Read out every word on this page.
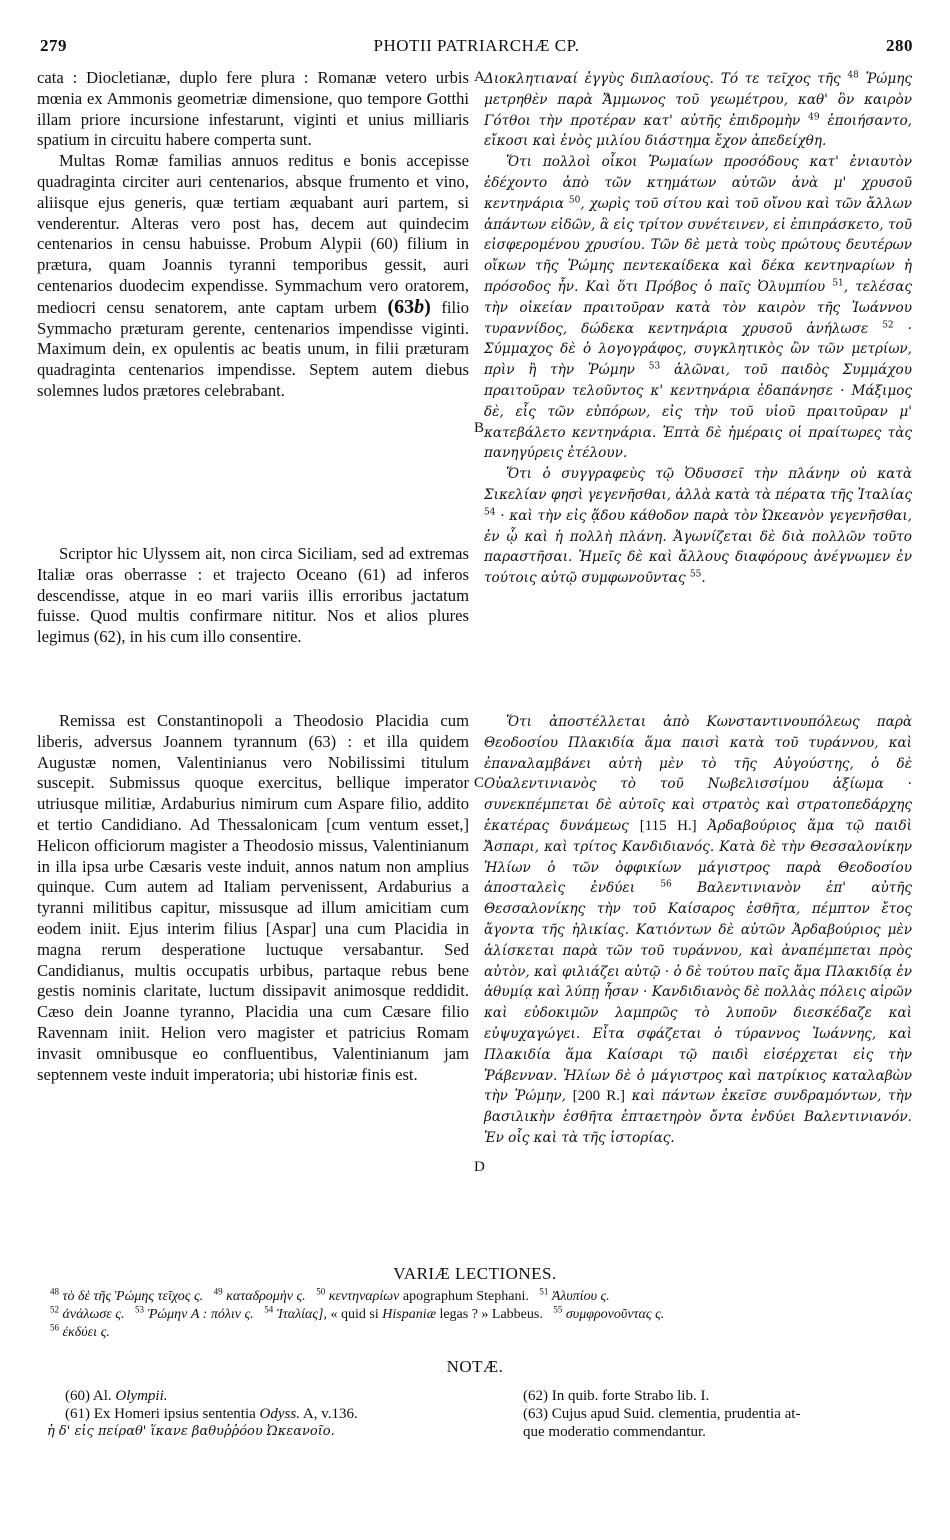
279	PHOTII PATRIARCHÆ CP.	280
A
B
C
D

cata : Diocletianæ, duplo fere plura : Romanæ vetero urbis mœnia ex Ammonis geometriæ dimensione, quo tempore Gotthi illam priore incursione infestarunt, viginti et unius milliaris spatium in circuitu habere comperta sunt.

Multas Romæ familias annuos reditus e bonis accepisse quadraginta circiter auri centenarios, absque frumento et vino, aliisque ejus generis, quæ tertiam æquabant auri partem, si venderentur. Alteras vero post has, decem aut quindecim centenarios in censu habuisse. Probum Alypii (60) filium in prætura, quam Joannis tyranni temporibus gessit, auri centenarios duodecim expendisse. Symmachum vero oratorem, mediocri censu senatorem, ante captam urbem (63b) filio Symmacho præturam gerente, centenarios impendisse viginti. Maximum dein, ex opulentis ac beatis unum, in filii præturam quadraginta centenarios impendisse. Septem autem diebus solemnes ludos prætores celebrabant.

Scriptor hic Ulyssem ait, non circa Siciliam, sed ad extremas Italiæ oras oberrasse : et trajecto Oceano (61) ad inferos descendisse, atque in eo mari variis illis erroribus jactatum fuisse. Quod multis confirmare nititur. Nos et alios plures legimus (62), in his cum illo consentire.

Remissa est Constantinopoli a Theodosio Placidia cum liberis, adversus Joannem tyrannum (63) : et illa quidem Augustæ nomen, Valentinianus vero Nobilissimi titulum suscepit. Submissus quoque exercitus, bellique imperator utriusque militiæ, Ardaburius nimirum cum Aspare filio, addito et tertio Candidiano. Ad Thessalonicam [cum ventum esset,] Helicon officiorum magister a Theodosio missus, Valentinianum in illa ipsa urbe Cæsaris veste induit, annos natum non amplius quinque. Cum autem ad Italiam pervenissent, Ardaburius a tyranni militibus capitur, missusque ad illum amicitiam cum eodem iniit. Ejus interim filius [Aspar] una cum Placidia in magna rerum desperatione luctuque versabantur. Sed Candidianus, multis occupatis urbibus, partaque rebus bene gestis nominis claritate, luctum dissipavit animosque reddidit. Cæso dein Joanne tyranno, Placidia una cum Cæsare filio Ravennam iniit. Helion vero magister et patricius Romam invasit omnibusque eo confluentibus, Valentinianum jam septennem veste induit imperatoria; ubi historiæ finis est.

Διοκλητιαναί ἐγγὺς διπλασίους. Τό τε τεῖχος τῆς $^{48}$ Ῥώμης μετρηθὲν παρὰ Ἄμμωνος τοῦ γεωμέτρου, καθ' ὃν καιρὸν Γότθοι τὴν προτέραν κατ' αὐτῆς ἐπιδρομὴν $^{49}$ ἐποιήσαντο, εἴκοσι καὶ ἑνὸς μιλίου διάστημα ἔχον ἀπεδείχθη.

Ὅτι πολλοὶ οἶκοι Ῥωμαίων προσόδους κατ' ἐνιαυτὸν ἐδέχοντο ἀπὸ τῶν κτημάτων αὐτῶν ἀνὰ μ' χρυσοῦ κεντηνάρια $^{50}$, χωρὶς τοῦ σίτου καὶ τοῦ οἴνου καὶ τῶν ἄλλων ἁπάντων εἰδῶν, ἃ εἰς τρίτον συνέτεινεν, εἰ ἐπιπράσκετο, τοῦ εἰσφερομένου χρυσίου. Τῶν δὲ μετὰ τοὺς πρώτους δευτέρων οἴκων τῆς Ῥώμης πεντεκαίδεκα καὶ δέκα κεντηναρίων ἡ πρόσοδος ἦν. Καὶ ὅτι Πρόβος ὁ παῖς Ὀλυμπίου $^{51}$, τελέσας τὴν οἰκείαν πραιτοῦραν κατὰ τὸν καιρὸν τῆς Ἰωάννου τυραννίδος, δώδεκα κεντηνάρια χρυσοῦ ἀνήλωσε $^{52}$ · Σύμμαχος δὲ ὁ λογογράφος, συγκλητικὸς ὢν τῶν μετρίων, πρὶν ἢ τὴν Ῥώμην $^{53}$ ἁλῶναι, τοῦ παιδὸς Συμμάχου πραιτοῦραν τελοῦντος κ' κεντηνάρια ἐδαπάνησε · Μάξιμος δὲ, εἷς τῶν εὐπόρων, εἰς τὴν τοῦ υἱοῦ πραιτοῦραν μ' κατεβάλετο κεντηνάρια. Ἑπτὰ δὲ ἡμέραις οἱ πραίτωρες τὰς πανηγύρεις ἐτέλουν.

Ὅτι ὁ συγγραφεὺς τῷ Ὀδυσσεῖ τὴν πλάνην οὐ κατὰ Σικελίαν φησὶ γεγενῆσθαι, ἀλλὰ κατὰ τὰ πέρατα τῆς Ἰταλίας $^{54}$ · καὶ τὴν εἰς ᾅδου κάθοδον παρὰ τὸν Ὠκεανὸν γεγενῆσθαι, ἐν ᾧ καὶ ἡ πολλὴ πλάνη. Ἀγωνίζεται δὲ διὰ πολλῶν τοῦτο παραστῆσαι. Ἡμεῖς δὲ καὶ ἄλλους διαφόρους ἀνέγνωμεν ἐν τούτοις αὐτῷ συμφωνοῦντας $^{55}$.

Ὅτι ἀποστέλλεται ἀπὸ Κωνσταντινουπόλεως παρὰ Θεοδοσίου Πλακιδία ἅμα παισὶ κατὰ τοῦ τυράννου, καὶ ἐπαναλαμβάνει αὐτὴ μὲν τὸ τῆς Αὐγούστης, ὁ δὲ Οὐαλεντινιανὸς τὸ τοῦ Νωβελισσίμου ἀξίωμα · συνεκπέμπεται δὲ αὐτοῖς καὶ στρατὸς καὶ στρατοπεδάρχης ἑκατέρας δυνάμεως [115 H.] Ἀρδαβούριος ἅμα τῷ παιδὶ Ἄσπαρι, καὶ τρίτος Κανδιδιανός. Κατὰ δὲ τὴν Θεσσαλονίκην Ἡλίων ὁ τῶν ὀφφικίων μάγιστρος παρὰ Θεοδοσίου ἀποσταλεὶς ἐνδύει	$^{56}$ Βαλεντινιανὸν ἐπ' αὐτῆς Θεσσαλονίκης τὴν τοῦ Καίσαρος ἐσθῆτα, πέμπτον ἔτος ἄγοντα τῆς ἡλικίας. Κατιόντων δὲ αὐτῶν Ἀρδαβούριος μὲν ἁλίσκεται παρὰ τῶν τοῦ τυράννου, καὶ ἀναπέμπεται πρὸς αὐτὸν, καὶ φιλιάζει αὐτῷ · ὁ δὲ τούτου παῖς ἅμα Πλακιδίᾳ ἐν ἀθυμίᾳ καὶ λύπῃ ἦσαν · Κανδιδιανὸς δὲ πολλὰς πόλεις αἱρῶν καὶ εὐδοκιμῶν λαμπρῶς τὸ λυποῦν διεσκέδαζε καὶ εὐψυχαγώγει. Εἶτα σφάζεται ὁ τύραννος Ἰωάννης, καὶ Πλακιδία ἅμα Καίσαρι τῷ παιδὶ εἰσέρχεται εἰς τὴν Ῥάβενναν. Ἡλίων δὲ ὁ μάγιστρος καὶ πατρίκιος καταλαβὼν τὴν Ῥώμην, [200 R.] καὶ πάντων ἐκεῖσε συνδραμόντων, τὴν βασιλικὴν ἐσθῆτα ἑπταετηρὸν ὄντα ἐνδύει Βαλεντινιανόν. Ἐν οἷς καὶ τὰ τῆς ἱστορίας.

VARIÆ LECTIONES.
$^{48}$ τὸ δὲ τῆς Ῥώμης τεῖχος ς. $^{49}$ καταδρομὴν ς. $^{50}$ κεντηναρίων apographum Stephani. $^{51}$ Ἀλυπίου ς.
$^{52}$ ἀνάλωσε ς. $^{53}$ Ῥώμην A : πόλιν ς. $^{54}$ Ἰταλίας], « quid si Hispaniæ legas ? » Labbeus. $^{55}$ συμφρονοῦντας ς.
$^{56}$ ἐκδύει ς.
NOTÆ.
(60) Al. Olympii.
(61) Ex Homeri ipsius sententia Odyss. A, v.136.
ἡ δ' εἰς πείραθ' ἵκανε βαθυῤῥόου Ὠκεανοῖο.
(62) In quib. forte Strabo lib. I.
(63) Cujus apud Suid. clementia, prudentia at-
que moderatio commendantur.
